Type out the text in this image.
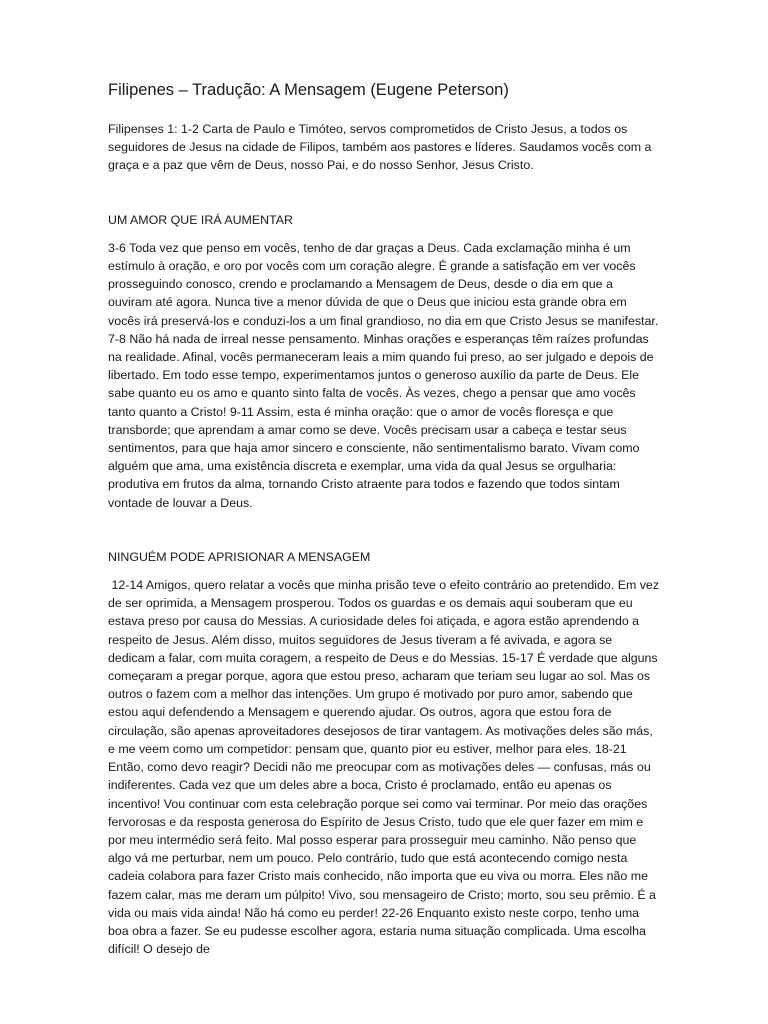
Filipenes – Tradução: A Mensagem (Eugene Peterson)

Filipenses 1: 1-2 Carta de Paulo e Timóteo, servos comprometidos de Cristo Jesus, a todos os seguidores de Jesus na cidade de Filipos, também aos pastores e líderes. Saudamos vocês com a graça e a paz que vêm de Deus, nosso Pai, e do nosso Senhor, Jesus Cristo.

UM AMOR QUE IRÁ AUMENTAR

3-6 Toda vez que penso em vocês, tenho de dar graças a Deus. Cada exclamação minha é um estímulo à oração, e oro por vocês com um coração alegre. É grande a satisfação em ver vocês prosseguindo conosco, crendo e proclamando a Mensagem de Deus, desde o dia em que a ouviram até agora. Nunca tive a menor dúvida de que o Deus que iniciou esta grande obra em vocês irá preservá-los e conduzi-los a um final grandioso, no dia em que Cristo Jesus se manifestar. 7-8 Não há nada de irreal nesse pensamento. Minhas orações e esperanças têm raízes profundas na realidade. Afinal, vocês permaneceram leais a mim quando fui preso, ao ser julgado e depois de libertado. Em todo esse tempo, experimentamos juntos o generoso auxílio da parte de Deus. Ele sabe quanto eu os amo e quanto sinto falta de vocês. Às vezes, chego a pensar que amo vocês tanto quanto a Cristo! 9-11 Assim, esta é minha oração: que o amor de vocês floresça e que transborde; que aprendam a amar como se deve. Vocês precisam usar a cabeça e testar seus sentimentos, para que haja amor sincero e consciente, não sentimentalismo barato. Vivam como alguém que ama, uma existência discreta e exemplar, uma vida da qual Jesus se orgulharia: produtiva em frutos da alma, tornando Cristo atraente para todos e fazendo que todos sintam vontade de louvar a Deus.

NINGUÉM PODE APRISIONAR A MENSAGEM

12-14 Amigos, quero relatar a vocês que minha prisão teve o efeito contrário ao pretendido. Em vez de ser oprimida, a Mensagem prosperou. Todos os guardas e os demais aqui souberam que eu estava preso por causa do Messias. A curiosidade deles foi atiçada, e agora estão aprendendo a respeito de Jesus. Além disso, muitos seguidores de Jesus tiveram a fé avivada, e agora se dedicam a falar, com muita coragem, a respeito de Deus e do Messias. 15-17 É verdade que alguns começaram a pregar porque, agora que estou preso, acharam que teriam seu lugar ao sol. Mas os outros o fazem com a melhor das intenções. Um grupo é motivado por puro amor, sabendo que estou aqui defendendo a Mensagem e querendo ajudar. Os outros, agora que estou fora de circulação, são apenas aproveitadores desejosos de tirar vantagem. As motivações deles são más, e me veem como um competidor: pensam que, quanto pior eu estiver, melhor para eles. 18-21 Então, como devo reagir? Decidi não me preocupar com as motivações deles — confusas, más ou indiferentes. Cada vez que um deles abre a boca, Cristo é proclamado, então eu apenas os incentivo! Vou continuar com esta celebração porque sei como vai terminar. Por meio das orações fervorosas e da resposta generosa do Espírito de Jesus Cristo, tudo que ele quer fazer em mim e por meu intermédio será feito. Mal posso esperar para prosseguir meu caminho. Não penso que algo vá me perturbar, nem um pouco. Pelo contrário, tudo que está acontecendo comigo nesta cadeia colabora para fazer Cristo mais conhecido, não importa que eu viva ou morra. Eles não me fazem calar, mas me deram um púlpito! Vivo, sou mensageiro de Cristo; morto, sou seu prêmio. É a vida ou mais vida ainda! Não há como eu perder! 22-26 Enquanto existo neste corpo, tenho uma boa obra a fazer. Se eu pudesse escolher agora, estaria numa situação complicada. Uma escolha difícil! O desejo de
